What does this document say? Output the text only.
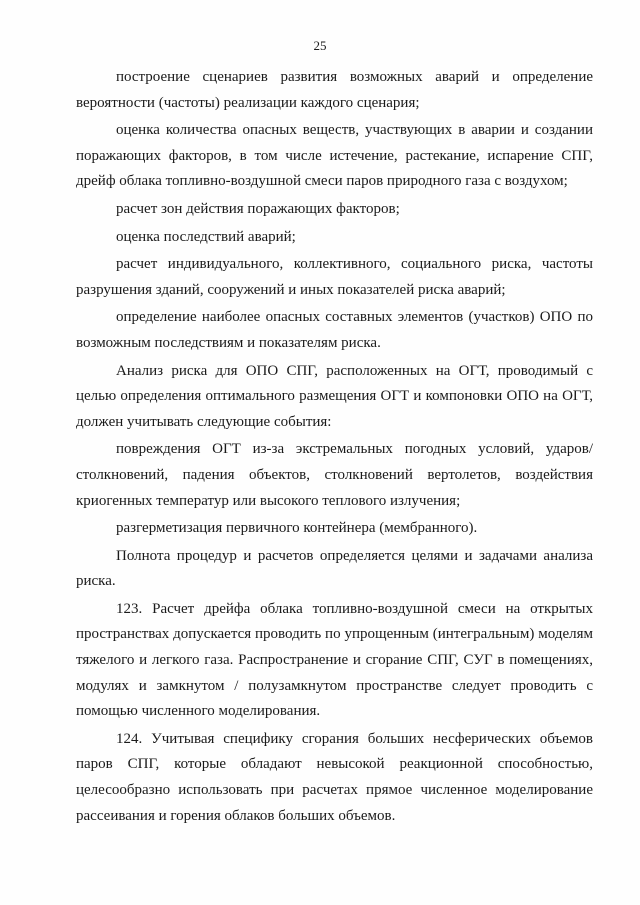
25

построение сценариев развития возможных аварий и определение вероятности (частоты) реализации каждого сценария;

оценка количества опасных веществ, участвующих в аварии и создании поражающих факторов, в том числе истечение, растекание, испарение СПГ, дрейф облака топливно-воздушной смеси паров природного газа с воздухом;

расчет зон действия поражающих факторов;

оценка последствий аварий;

расчет индивидуального, коллективного, социального риска, частоты разрушения зданий, сооружений и иных показателей риска аварий;

определение наиболее опасных составных элементов (участков) ОПО по возможным последствиям и показателям риска.

Анализ риска для ОПО СПГ, расположенных на ОГТ, проводимый с целью определения оптимального размещения ОГТ и компоновки ОПО на ОГТ, должен учитывать следующие события:

повреждения ОГТ из-за экстремальных погодных условий, ударов/столкновений, падения объектов, столкновений вертолетов, воздействия криогенных температур или высокого теплового излучения;

разгерметизация первичного контейнера (мембранного).

Полнота процедур и расчетов определяется целями и задачами анализа риска.

123. Расчет дрейфа облака топливно-воздушной смеси на открытых пространствах допускается проводить по упрощенным (интегральным) моделям тяжелого и легкого газа. Распространение и сгорание СПГ, СУГ в помещениях, модулях и замкнутом / полузамкнутом пространстве следует проводить с помощью численного моделирования.

124. Учитывая специфику сгорания больших несферических объемов паров СПГ, которые обладают невысокой реакционной способностью, целесообразно использовать при расчетах прямое численное моделирование рассеивания и горения облаков больших объемов.
